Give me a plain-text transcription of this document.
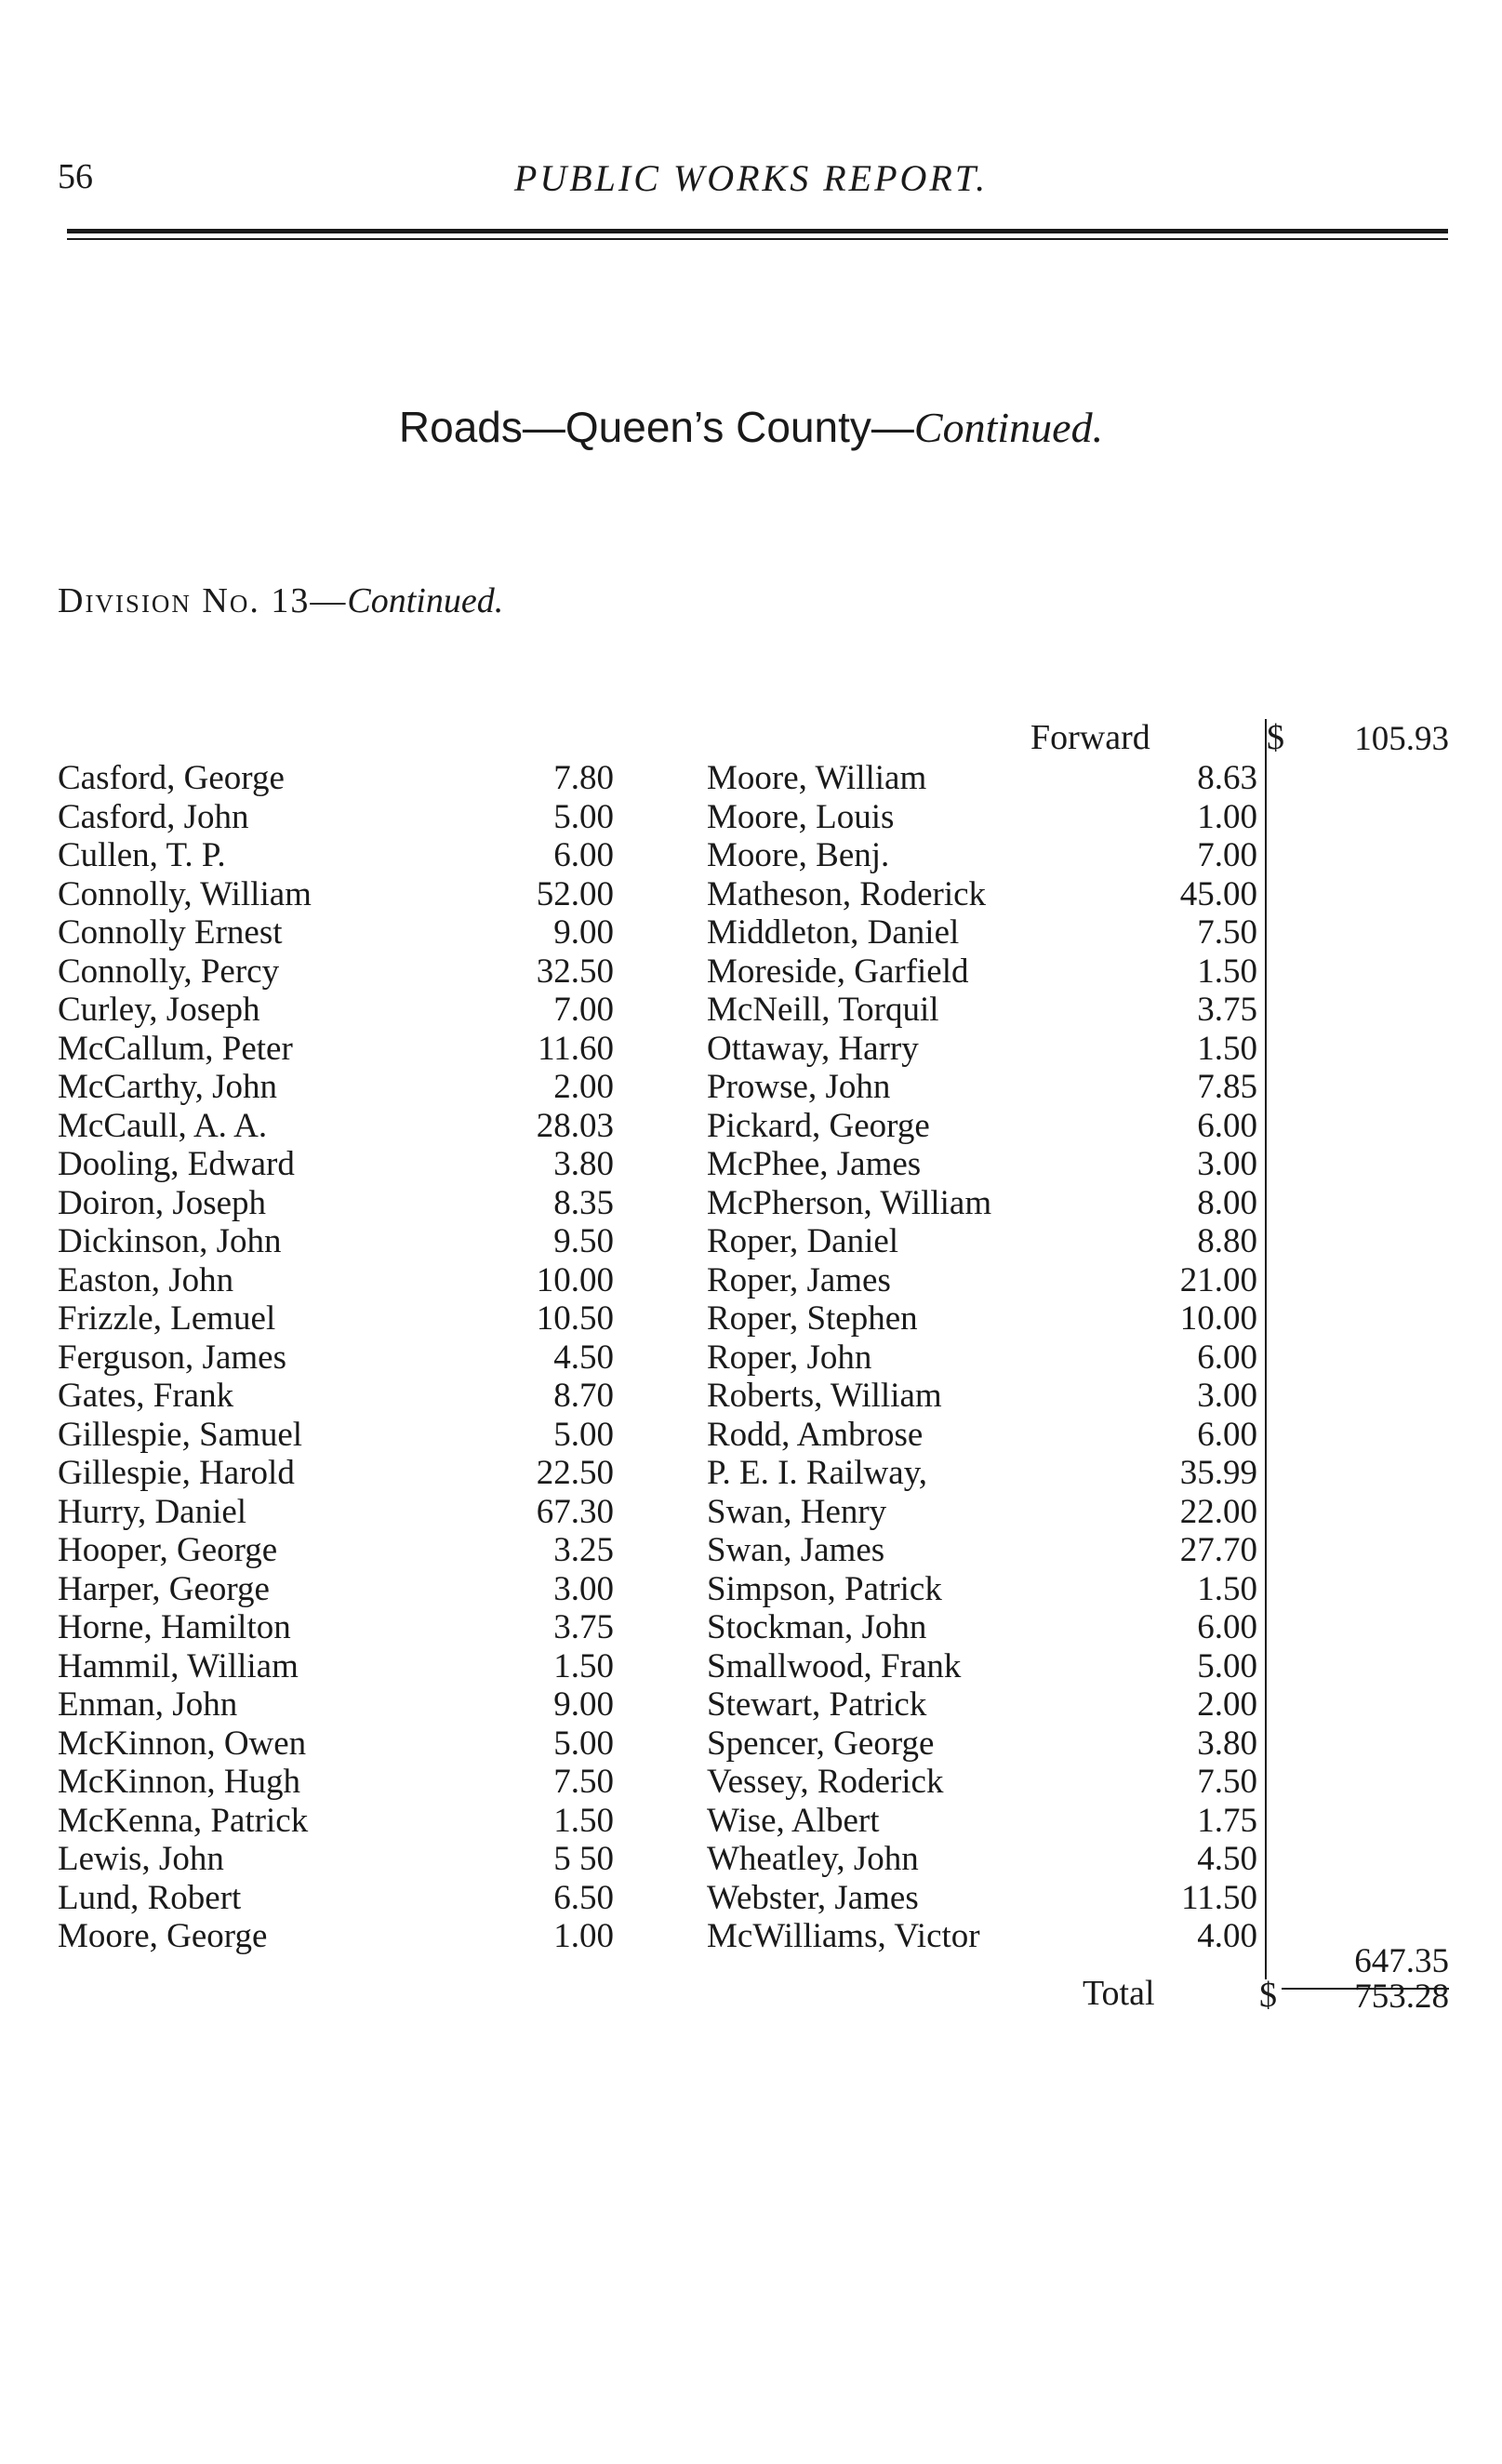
56	PUBLIC WORKS REPORT.
Roads—Queen’s County—Continued.
Division No. 13—Continued.
Forward	$	105.93
Casford, George	7.80
Casford, John	5.00
Cullen, T. P.	6.00
Connolly, William	52.00
Connolly Ernest	9.00
Connolly, Percy	32.50
Curley, Joseph	7.00
McCallum, Peter	11.60
McCarthy, John	2.00
McCaull, A. A.	28.03
Dooling, Edward	3.80
Doiron, Joseph	8.35
Dickinson, John	9.50
Easton, John	10.00
Frizzle, Lemuel	10.50
Ferguson, James	4.50
Gates, Frank	8.70
Gillespie, Samuel	5.00
Gillespie, Harold	22.50
Hurry, Daniel	67.30
Hooper, George	3.25
Harper, George	3.00
Horne, Hamilton	3.75
Hammil, William	1.50
Enman, John	9.00
McKinnon, Owen	5.00
McKinnon, Hugh	7.50
McKenna, Patrick	1.50
Lewis, John	5 50
Lund, Robert	6.50
Moore, George	1.00
Moore, William	8.63
Moore, Louis	1.00
Moore, Benj.	7.00
Matheson, Roderick	45.00
Middleton, Daniel	7.50
Moreside, Garfield	1.50
McNeill, Torquil	3.75
Ottaway, Harry	1.50
Prowse, John	7.85
Pickard, George	6.00
McPhee, James	3.00
McPherson, William	8.00
Roper, Daniel	8.80
Roper, James	21.00
Roper, Stephen	10.00
Roper, John	6.00
Roberts, William	3.00
Rodd, Ambrose	6.00
P. E. I. Railway,	35.99
Swan, Henry	22.00
Swan, James	27.70
Simpson, Patrick	1.50
Stockman, John	6.00
Smallwood, Frank	5.00
Stewart, Patrick	2.00
Spencer, George	3.80
Vessey, Roderick	7.50
Wise, Albert	1.75
Wheatley, John	4.50
Webster, James	11.50
McWilliams, Victor	4.00
647.35
Total	$	753.28
